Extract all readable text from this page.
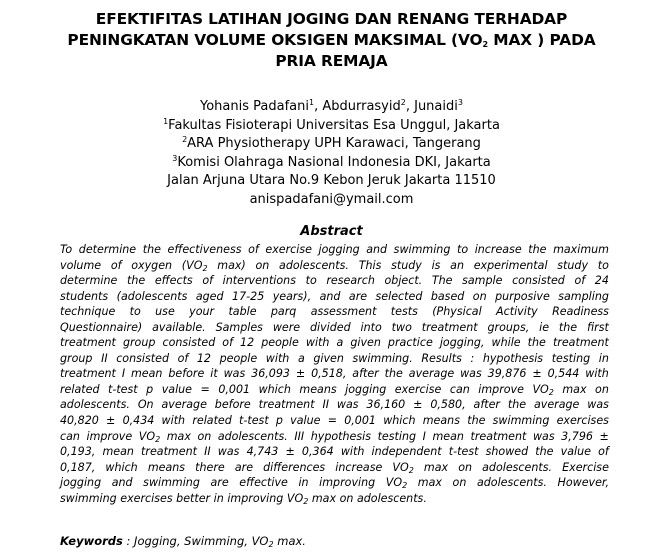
EFEKTIFITAS LATIHAN JOGING DAN RENANG TERHADAP
PENINGKATAN VOLUME OKSIGEN MAKSIMAL ($VO_2$ MAX ) PADA
PRIA REMAJA
Yohanis Padafani$^1$, Abdurrasyid$^2$, Junaidi$^3$
$^1$Fakultas Fisioterapi Universitas Esa Unggul, Jakarta
$^2$ARA Physiotherapy UPH Karawaci, Tangerang
$^3$Komisi Olahraga Nasional Indonesia DKI, Jakarta
Jalan Arjuna Utara No.9 Kebon Jeruk Jakarta 11510
anispadafani@ymail.com
Abstract
To determine the effectiveness of exercise jogging and swimming to increase the maximum
volume of oxygen ($VO_2$ max) on adolescents. This study is an experimental study to
determine the effects of interventions to research object. The sample consisted of 24
students (adolescents aged 17-25 years), and are selected based on purposive sampling
technique to use your table parq assessment tests (Physical Activity Readiness
Questionnaire) available. Samples were divided into two treatment groups, ie the first
treatment group consisted of 12 people with a given practice jogging, while the treatment
group II consisted of 12 people with a given swimming. Results : hypothesis testing in
treatment I mean before it was 36,093 ± 0,518, after the average was 39,876 ± 0,544 with
related t-test p value = 0,001 which means jogging exercise can improve $VO_2$ max on
adolescents. On average before treatment II was 36,160 ± 0,580, after the average was
40,820 ± 0,434 with related t-test p value = 0,001 which means the swimming exercises
can improve $VO_2$ max on adolescents. III hypothesis testing I mean treatment was 3,796 ±
0,193, mean treatment II was 4,743 ± 0,364 with independent t-test showed the value of
0,187, which means there are differences increase $VO_2$ max on adolescents. Exercise
jogging and swimming are effective in improving $VO_2$ max on adolescents. However,
swimming exercises better in improving $VO_2$ max on adolescents.
Keywords : Jogging, Swimming, $VO_2$ max.
